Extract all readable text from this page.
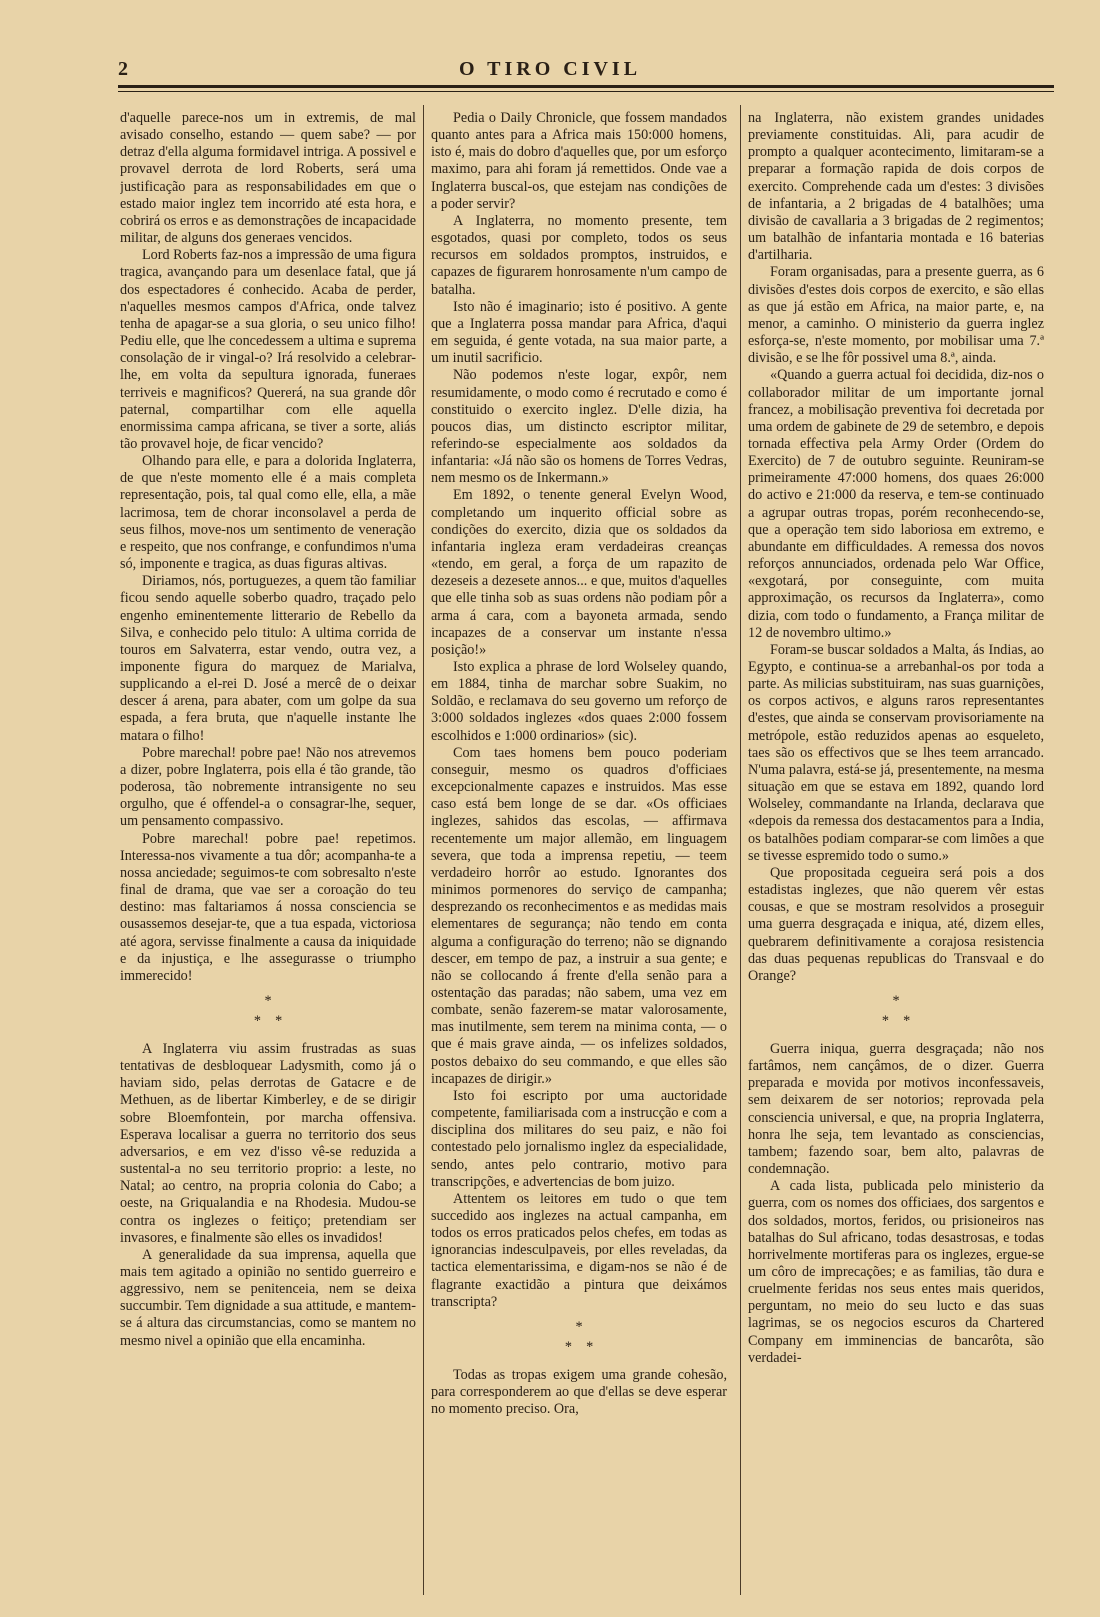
2	O TIRO CIVIL

d'aquelle parece-nos um in extremis, de mal avisado conselho, estando — quem sabe? — por detraz d'ella alguma formidavel intriga. A possivel e provavel derrota de lord Roberts, será uma justificação para as responsabilidades em que o estado maior inglez tem incorrido até esta hora, e cobrirá os erros e as demonstrações de incapacidade militar, de alguns dos generaes vencidos.

Lord Roberts faz-nos a impressão de uma figura tragica, avançando para um desenlace fatal, que já dos espectadores é conhecido. Acaba de perder, n'aquelles mesmos campos d'Africa, onde talvez tenha de apagar-se a sua gloria, o seu unico filho! Pediu elle, que lhe concedessem a ultima e suprema consolação de ir vingal-o? Irá resolvido a celebrar-lhe, em volta da sepultura ignorada, funeraes terriveis e magnificos? Quererá, na sua grande dôr paternal, compartilhar com elle aquella enormissima campa africana, se tiver a sorte, aliás tão provavel hoje, de ficar vencido?

Olhando para elle, e para a dolorida Inglaterra, de que n'este momento elle é a mais completa representação, pois, tal qual como elle, ella, a mãe lacrimosa, tem de chorar inconsolavel a perda de seus filhos, move-nos um sentimento de veneração e respeito, que nos confrange, e confundimos n'uma só, imponente e tragica, as duas figuras altivas.

Diriamos, nós, portuguezes, a quem tão familiar ficou sendo aquelle soberbo quadro, traçado pelo engenho eminentemente litterario de Rebello da Silva, e conhecido pelo titulo: A ultima corrida de touros em Salvaterra, estar vendo, outra vez, a imponente figura do marquez de Marialva, supplicando a el-rei D. José a mercê de o deixar descer á arena, para abater, com um golpe da sua espada, a fera bruta, que n'aquelle instante lhe matara o filho!

Pobre marechal! pobre pae! Não nos atrevemos a dizer, pobre Inglaterra, pois ella é tão grande, tão poderosa, tão nobremente intransigente no seu orgulho, que é offendel-a o consagrar-lhe, sequer, um pensamento compassivo.

Pobre marechal! pobre pae! repetimos. Interessa-nos vivamente a tua dôr; acompanha-te a nossa anciedade; seguimos-te com sobresalto n'este final de drama, que vae ser a coroação do teu destino: mas faltariamos á nossa consciencia se ousassemos desejar-te, que a tua espada, victoriosa até agora, servisse finalmente a causa da iniquidade e da injustiça, e lhe assegurasse o triumpho immerecido!

*
*    *

A Inglaterra viu assim frustradas as suas tentativas de desbloquear Ladysmith, como já o haviam sido, pelas derrotas de Gatacre e de Methuen, as de libertar Kimberley, e de se dirigir sobre Bloemfontein, por marcha offensiva. Esperava localisar a guerra no territorio dos seus adversarios, e em vez d'isso vê-se reduzida a sustental-a no seu territorio proprio: a leste, no Natal; ao centro, na propria colonia do Cabo; a oeste, na Griqualandia e na Rhodesia. Mudou-se contra os inglezes o feitiço; pretendiam ser invasores, e finalmente são elles os invadidos!

A generalidade da sua imprensa, aquella que mais tem agitado a opinião no sentido guerreiro e aggressivo, nem se penitenceia, nem se deixa succumbir. Tem dignidade a sua attitude, e mantem-se á altura das circumstancias, como se mantem no mesmo nivel a opinião que ella encaminha.

Pedia o Daily Chronicle, que fossem mandados quanto antes para a Africa mais 150:000 homens, isto é, mais do dobro d'aquelles que, por um esforço maximo, para ahi foram já remettidos. Onde vae a Inglaterra buscal-os, que estejam nas condições de a poder servir?

A Inglaterra, no momento presente, tem esgotados, quasi por completo, todos os seus recursos em soldados promptos, instruidos, e capazes de figurarem honrosamente n'um campo de batalha.

Isto não é imaginario; isto é positivo. A gente que a Inglaterra possa mandar para Africa, d'aqui em seguida, é gente votada, na sua maior parte, a um inutil sacrificio.

Não podemos n'este logar, expôr, nem resumidamente, o modo como é recrutado e como é constituido o exercito inglez. D'elle dizia, ha poucos dias, um distincto escriptor militar, referindo-se especialmente aos soldados da infantaria: «Já não são os homens de Torres Vedras, nem mesmo os de Inkermann.»

Em 1892, o tenente general Evelyn Wood, completando um inquerito official sobre as condições do exercito, dizia que os soldados da infantaria ingleza eram verdadeiras creanças «tendo, em geral, a força de um rapazito de dezeseis a dezesete annos... e que, muitos d'aquelles que elle tinha sob as suas ordens não podiam pôr a arma á cara, com a bayoneta armada, sendo incapazes de a conservar um instante n'essa posição!»

Isto explica a phrase de lord Wolseley quando, em 1884, tinha de marchar sobre Suakim, no Soldão, e reclamava do seu governo um reforço de 3:000 soldados inglezes «dos quaes 2:000 fossem escolhidos e 1:000 ordinarios» (sic).

Com taes homens bem pouco poderiam conseguir, mesmo os quadros d'officiaes excepcionalmente capazes e instruidos. Mas esse caso está bem longe de se dar. «Os officiaes inglezes, sahidos das escolas, — affirmava recentemente um major allemão, em linguagem severa, que toda a imprensa repetiu, — teem verdadeiro horrôr ao estudo. Ignorantes dos minimos pormenores do serviço de campanha; desprezando os reconhecimentos e as medidas mais elementares de segurança; não tendo em conta alguma a configuração do terreno; não se dignando descer, em tempo de paz, a instruir a sua gente; e não se collocando á frente d'ella senão para a ostentação das paradas; não sabem, uma vez em combate, senão fazerem-se matar valorosamente, mas inutilmente, sem terem na minima conta, — o que é mais grave ainda, — os infelizes soldados, postos debaixo do seu commando, e que elles são incapazes de dirigir.»

Isto foi escripto por uma auctoridade competente, familiarisada com a instrucção e com a disciplina dos militares do seu paiz, e não foi contestado pelo jornalismo inglez da especialidade, sendo, antes pelo contrario, motivo para transcripções, e advertencias de bom juizo.

Attentem os leitores em tudo o que tem succedido aos inglezes na actual campanha, em todos os erros praticados pelos chefes, em todas as ignorancias indesculpaveis, por elles reveladas, da tactica elementarissima, e digam-nos se não é de flagrante exactidão a pintura que deixámos transcripta?

*
*    *

Todas as tropas exigem uma grande cohesão, para corresponderem ao que d'ellas se deve esperar no momento preciso. Ora,

na Inglaterra, não existem grandes unidades previamente constituidas. Ali, para acudir de prompto a qualquer acontecimento, limitaram-se a preparar a formação rapida de dois corpos de exercito. Comprehende cada um d'estes: 3 divisões de infantaria, a 2 brigadas de 4 batalhões; uma divisão de cavallaria a 3 brigadas de 2 regimentos; um batalhão de infantaria montada e 16 baterias d'artilharia.

Foram organisadas, para a presente guerra, as 6 divisões d'estes dois corpos de exercito, e são ellas as que já estão em Africa, na maior parte, e, na menor, a caminho. O ministerio da guerra inglez esforça-se, n'este momento, por mobilisar uma 7.ª divisão, e se lhe fôr possivel uma 8.ª, ainda.

«Quando a guerra actual foi decidida, diz-nos o collaborador militar de um importante jornal francez, a mobilisação preventiva foi decretada por uma ordem de gabinete de 29 de setembro, e depois tornada effectiva pela Army Order (Ordem do Exercito) de 7 de outubro seguinte. Reuniram-se primeiramente 47:000 homens, dos quaes 26:000 do activo e 21:000 da reserva, e tem-se continuado a agrupar outras tropas, porém reconhecendo-se, que a operação tem sido laboriosa em extremo, e abundante em difficuldades. A remessa dos novos reforços annunciados, ordenada pelo War Office, «exgotará, por conseguinte, com muita approximação, os recursos da Inglaterra», como dizia, com todo o fundamento, a França militar de 12 de novembro ultimo.»

Foram-se buscar soldados a Malta, ás Indias, ao Egypto, e continua-se a arrebanhal-os por toda a parte. As milicias substituiram, nas suas guarnições, os corpos activos, e alguns raros representantes d'estes, que ainda se conservam provisoriamente na metrópole, estão reduzidos apenas ao esqueleto, taes são os effectivos que se lhes teem arrancado. N'uma palavra, está-se já, presentemente, na mesma situação em que se estava em 1892, quando lord Wolseley, commandante na Irlanda, declarava que «depois da remessa dos destacamentos para a India, os batalhões podiam comparar-se com limões a que se tivesse espremido todo o sumo.»

Que propositada cegueira será pois a dos estadistas inglezes, que não querem vêr estas cousas, e que se mostram resolvidos a proseguir uma guerra desgraçada e iniqua, até, dizem elles, quebrarem definitivamente a corajosa resistencia das duas pequenas republicas do Transvaal e do Orange?

*
*    *

Guerra iniqua, guerra desgraçada; não nos fartâmos, nem cançâmos, de o dizer. Guerra preparada e movida por motivos inconfessaveis, sem deixarem de ser notorios; reprovada pela consciencia universal, e que, na propria Inglaterra, honra lhe seja, tem levantado as consciencias, tambem; fazendo soar, bem alto, palavras de condemnação.

A cada lista, publicada pelo ministerio da guerra, com os nomes dos officiaes, dos sargentos e dos soldados, mortos, feridos, ou prisioneiros nas batalhas do Sul africano, todas desastrosas, e todas horrivelmente mortiferas para os inglezes, ergue-se um côro de imprecações; e as familias, tão dura e cruelmente feridas nos seus entes mais queridos, perguntam, no meio do seu lucto e das suas lagrimas, se os negocios escuros da Chartered Company em imminencias de bancarôta, são verdadei-
